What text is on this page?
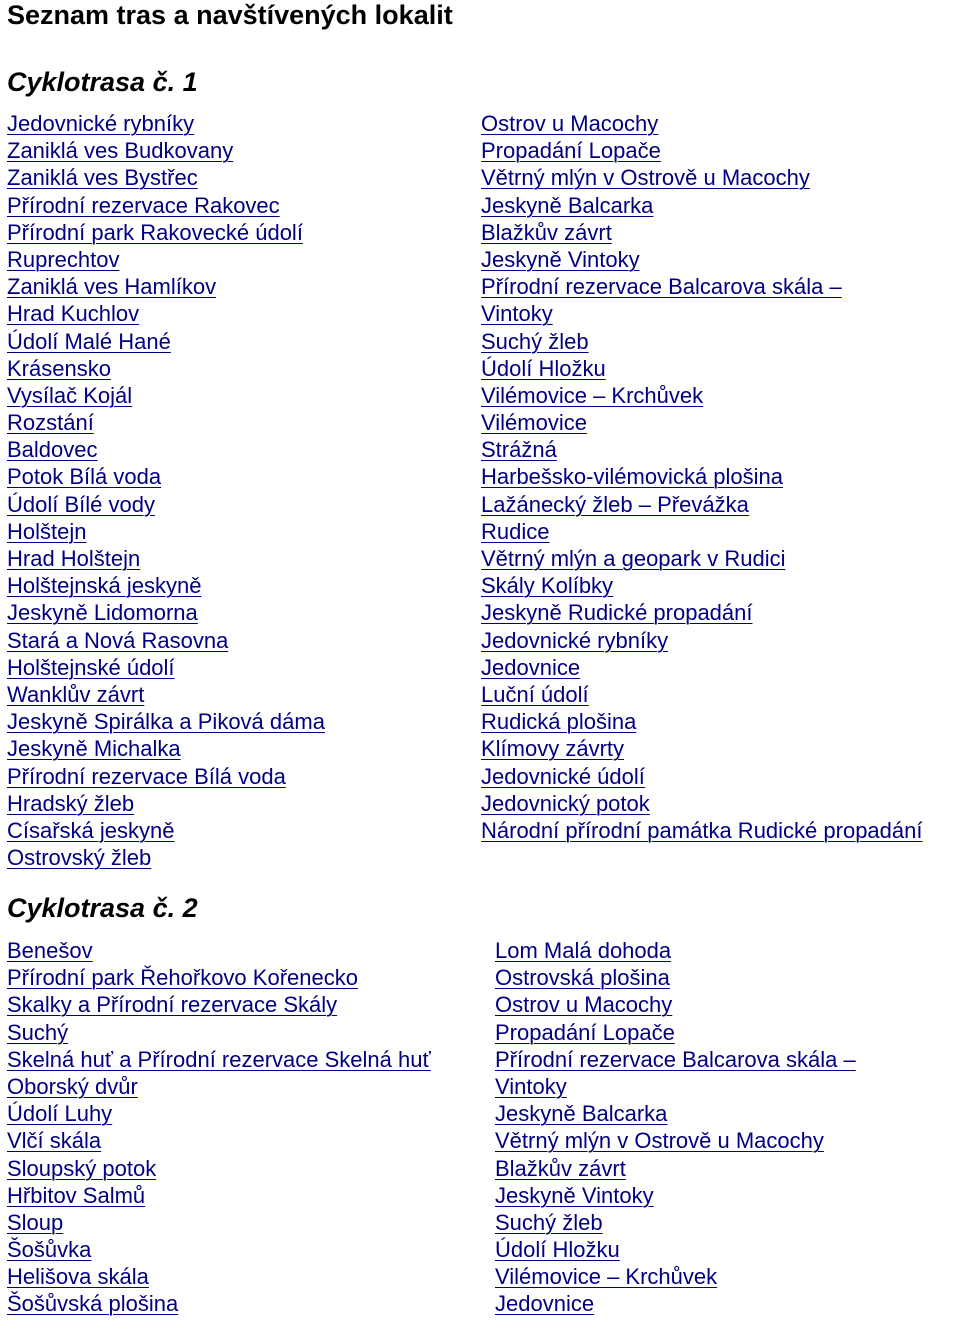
Seznam tras a navštívených lokalit
Cyklotrasa č. 1
Jedovnické rybníky
Zaniklá ves Budkovany
Zaniklá ves Bystřec
Přírodní rezervace Rakovec
Přírodní park Rakovecké údolí
Ruprechtov
Zaniklá ves Hamlíkov
Hrad Kuchlov
Údolí Malé Hané
Krásensko
Vysílač Kojál
Rozstání
Baldovec
Potok Bílá voda
Údolí Bílé vody
Holštejn
Hrad Holštejn
Holštejnská jeskyně
Jeskyně Lidomorna
Stará a Nová Rasovna
Holštejnské údolí
Wanklův závrt
Jeskyně Spirálka a Piková dáma
Jeskyně Michalka
Přírodní rezervace Bílá voda
Hradský žleb
Císařská jeskyně
Ostrovský žleb
Ostrov u Macochy
Propadání Lopače
Větrný mlýn v Ostrově u Macochy
Jeskyně Balcarka
Blažkův závrt
Jeskyně Vintoky
Přírodní rezervace Balcarova skála –
Vintoky
Suchý žleb
Údolí Hložku
Vilémovice – Krchůvek
Vilémovice
Strážná
Harbešsko-vilémovická plošina
Lažánecký žleb – Převážka
Rudice
Větrný mlýn a geopark v Rudici
Skály Kolíbky
Jeskyně Rudické propadání
Jedovnické rybníky
Jedovnice
Luční údolí
Rudická plošina
Klímovy závrty
Jedovnické údolí
Jedovnický potok
Národní přírodní památka Rudické propadání
Cyklotrasa č. 2
Benešov
Přírodní park Řehořkovo Kořenecko
Skalky a Přírodní rezervace Skály
Suchý
Skelná huť a Přírodní rezervace Skelná huť
Oborský dvůr
Údolí Luhy
Vlčí skála
Sloupský potok
Hřbitov Salmů
Sloup
Šošůvka
Helišova skála
Šošůvská plošina
Lom Malá dohoda
Ostrovská plošina
Ostrov u Macochy
Propadání Lopače
Přírodní rezervace Balcarova skála –
Vintoky
Jeskyně Balcarka
Větrný mlýn v Ostrově u Macochy
Blažkův závrt
Jeskyně Vintoky
Suchý žleb
Údolí Hložku
Vilémovice – Krchůvek
Jedovnice
